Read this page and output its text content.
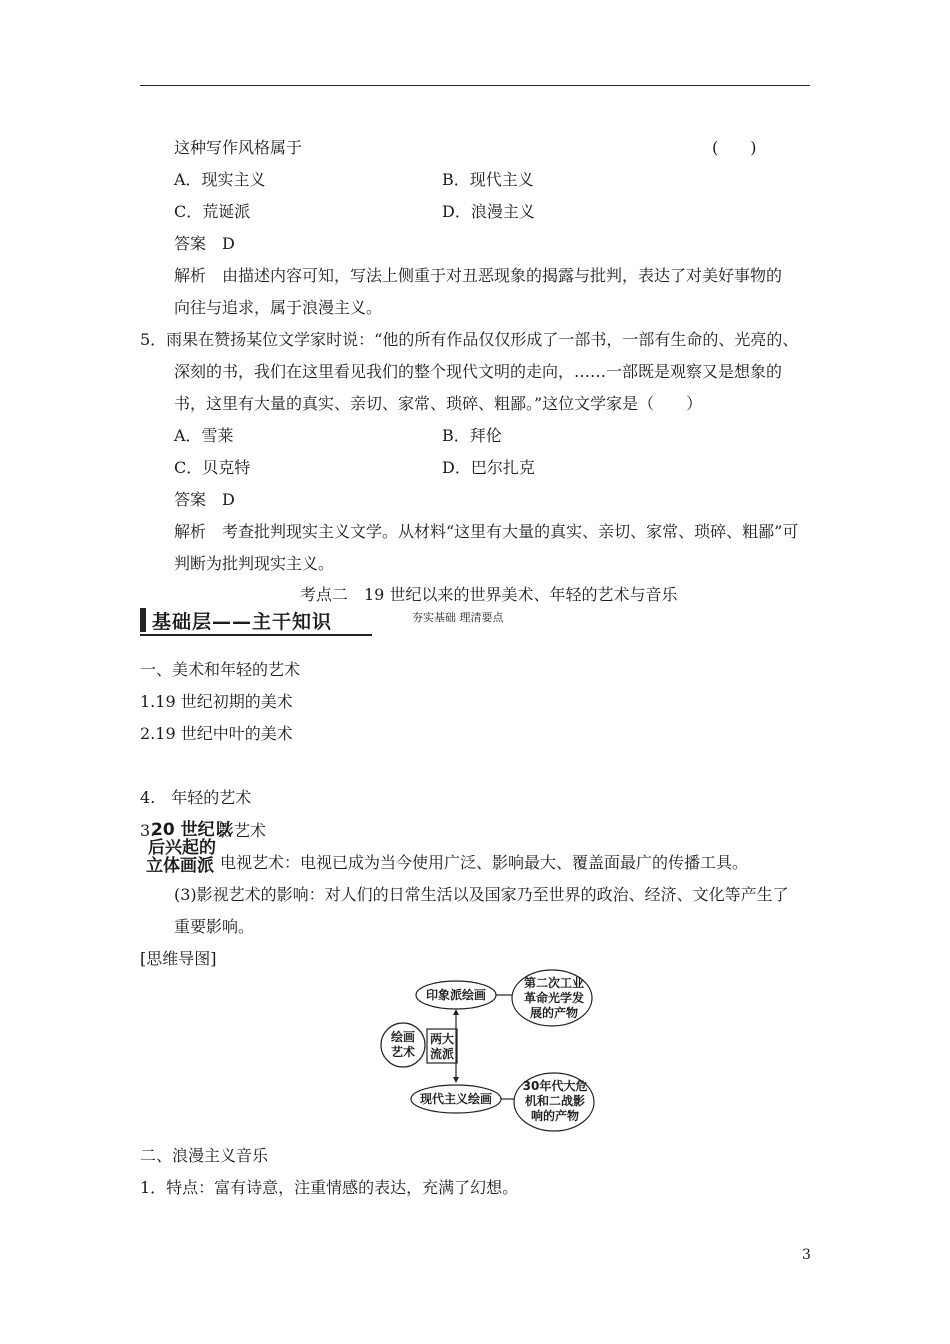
这种写作风格属于	(　　)
A．现实主义	B．现代主义
C．荒诞派	D．浪漫主义
答案　D
解析　由描述内容可知，写法上侧重于对丑恶现象的揭露与批判，表达了对美好事物的
向往与追求，属于浪漫主义。
5．雨果在赞扬某位文学家时说：“他的所有作品仅仅形成了一部书，一部有生命的、光亮的、
深刻的书，我们在这里看见我们的整个现代文明的走向，……一部既是观察又是想象的
书，这里有大量的真实、亲切、家常、琐碎、粗鄙。”这位文学家是（　　）
A．雪莱	B．拜伦
C．贝克特	D．巴尔扎克
答案　D
解析　考查批判现实主义文学。从材料“这里有大量的真实、亲切、家常、琐碎、粗鄙”可
判断为批判现实主义。
考点二　19 世纪以来的世界美术、年轻的艺术与音乐
基础层——主干知识	夯实基础 理清要点
一、美术和年轻的艺术
1.19 世纪初期的美术
2.19 世纪中叶的美术
4.　年轻的艺术
3.
20 世纪以
影艺术
后兴起的
立体画派 电视艺术：电视已成为当今使用广泛、影响最大、覆盖面最广的传播工具。
(3)影视艺术的影响：对人们的日常生活以及国家乃至世界的政治、经济、文化等产生了
重要影响。
[思维导图]
印象派绘画
第二次工业
革命光学发
展的产物
绘画
艺术
两大
流派
现代主义绘画
30年代大危
机和二战影
响的产物
二、浪漫主义音乐
1．特点：富有诗意，注重情感的表达，充满了幻想。
3
